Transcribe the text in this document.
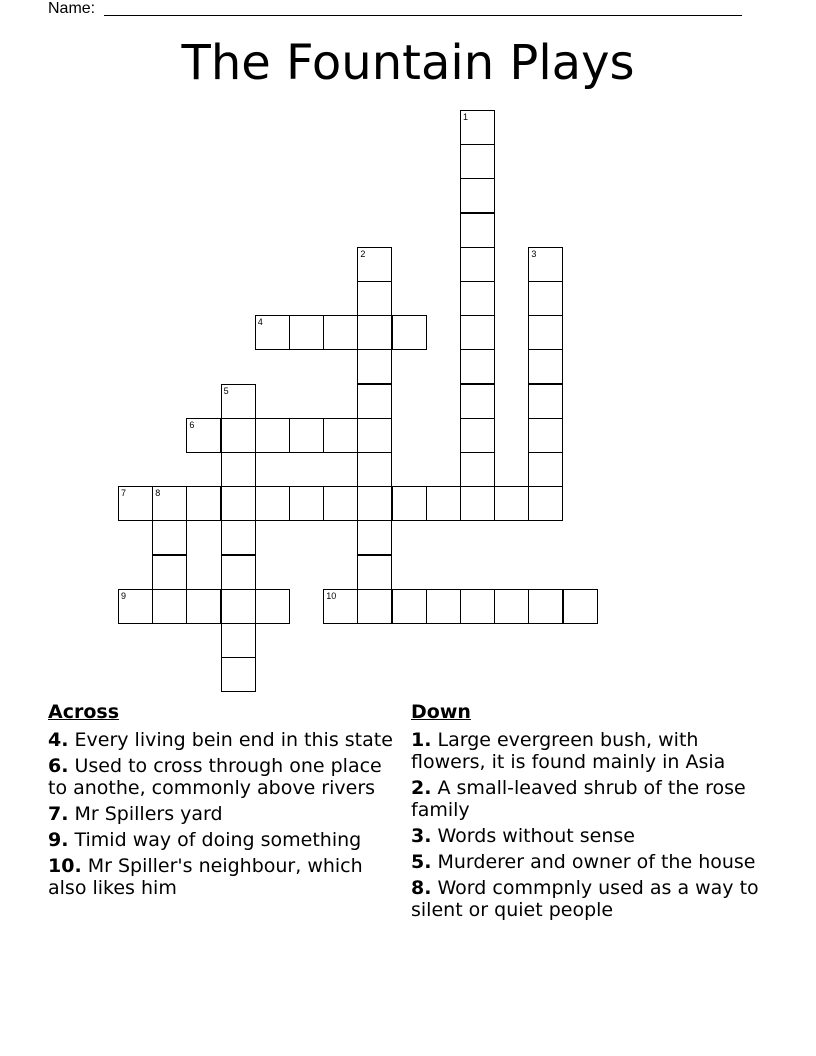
Name:
The Fountain Plays
1
2	3
4
5
6
7	8
9	10
Across
4. Every living bein end in this state
6. Used to cross through one place to anothe, commonly above rivers
7. Mr Spillers yard
9. Timid way of doing something
10. Mr Spiller's neighbour, which also likes him
Down
1. Large evergreen bush, with flowers, it is found mainly in Asia
2. A small-leaved shrub of the rose family
3. Words without sense
5. Murderer and owner of the house
8. Word commpnly used as a way to silent or quiet people
